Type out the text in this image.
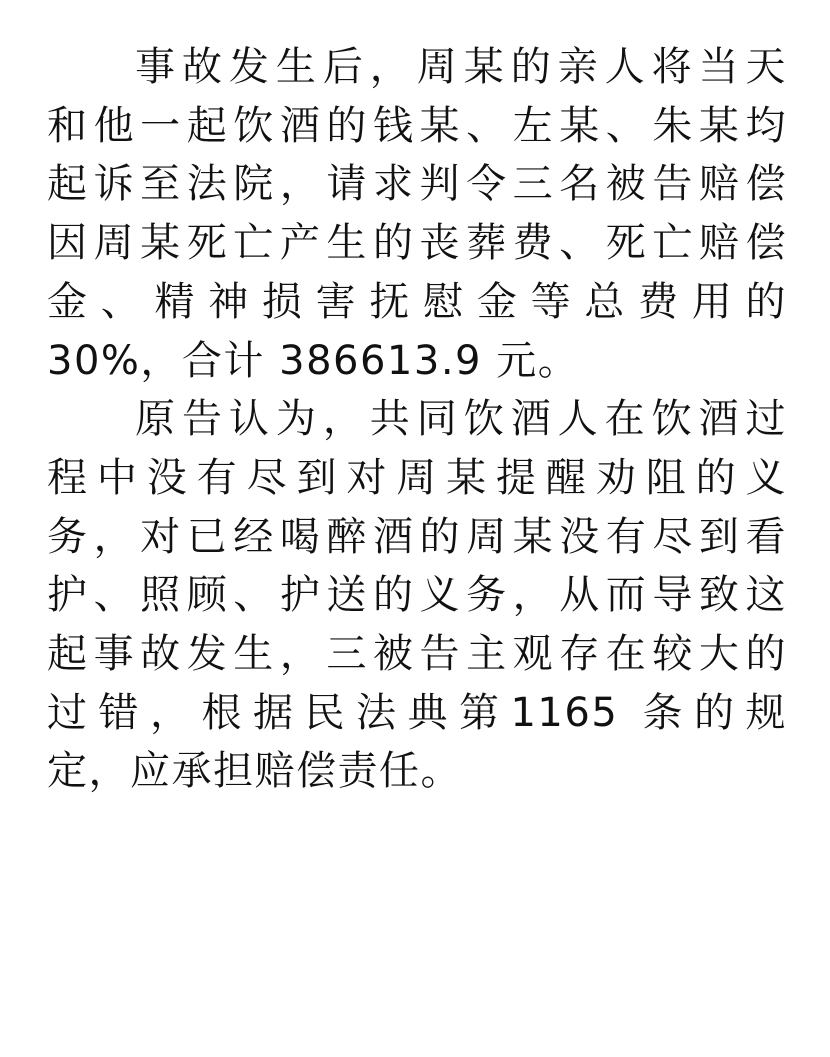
事故发生后，周某的亲人将当天
和他一起饮酒的钱某、左某、朱某均
起诉至法院，请求判令三名被告赔偿
因周某死亡产生的丧葬费、死亡赔偿
金、精神损害抚慰金等总费用的
30%，合计 386613.9 元。

原告认为，共同饮酒人在饮酒过
程中没有尽到对周某提醒劝阻的义
务，对已经喝醉酒的周某没有尽到看
护、照顾、护送的义务，从而导致这
起事故发生，三被告主观存在较大的
过错，根据民法典第1165 条的规
定，应承担赔偿责任。
